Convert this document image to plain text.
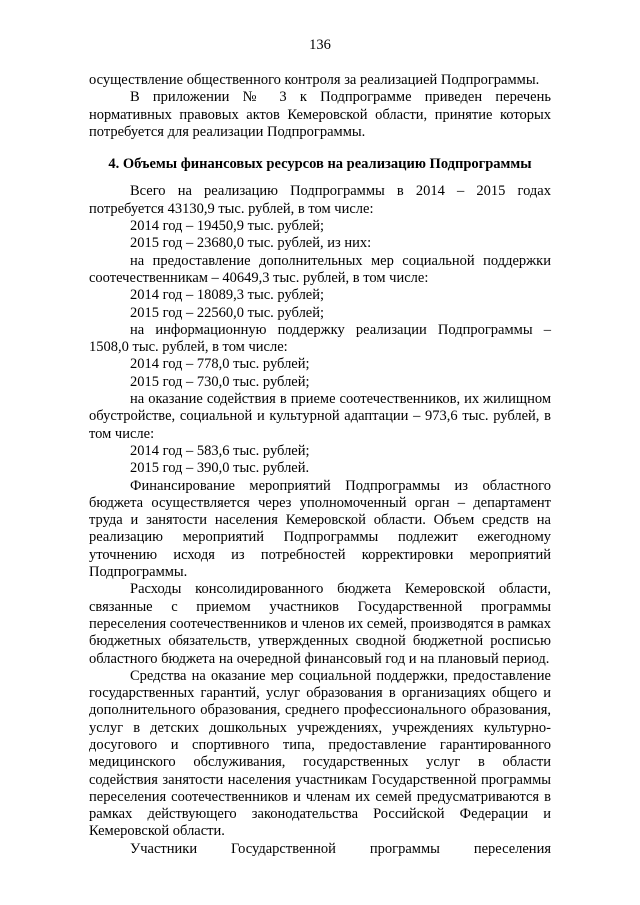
136

осуществление общественного контроля за реализацией Подпрограммы.

В приложении № 3 к Подпрограмме приведен перечень нормативных правовых актов Кемеровской области, принятие которых потребуется для реализации Подпрограммы.

4. Объемы финансовых ресурсов на реализацию Подпрограммы

Всего на реализацию Подпрограммы в 2014 – 2015 годах потребуется 43130,9 тыс. рублей, в том числе:

2014 год – 19450,9 тыс. рублей;

2015 год – 23680,0 тыс. рублей, из них:

на предоставление дополнительных мер социальной поддержки соотечественникам – 40649,3 тыс. рублей, в том числе:

2014 год – 18089,3 тыс. рублей;

2015 год – 22560,0 тыс. рублей;

на информационную поддержку реализации Подпрограммы – 1508,0 тыс. рублей, в том числе:

2014 год – 778,0 тыс. рублей;

2015 год – 730,0 тыс. рублей;

на оказание содействия в приеме соотечественников, их жилищном обустройстве, социальной и культурной адаптации – 973,6 тыс. рублей, в том числе:

2014 год – 583,6 тыс. рублей;

2015 год – 390,0 тыс. рублей.

Финансирование мероприятий Подпрограммы из областного бюджета осуществляется через уполномоченный орган – департамент труда и занятости населения Кемеровской области. Объем средств на реализацию мероприятий Подпрограммы подлежит ежегодному уточнению исходя из потребностей корректировки мероприятий Подпрограммы.

Расходы консолидированного бюджета Кемеровской области, связанные с приемом участников Государственной программы переселения соотечественников и членов их семей, производятся в рамках бюджетных обязательств, утвержденных сводной бюджетной росписью областного бюджета на очередной финансовый год и на плановый период.

Средства на оказание мер социальной поддержки, предоставление государственных гарантий, услуг образования в организациях общего и дополнительного образования, среднего профессионального образования, услуг в детских дошкольных учреждениях, учреждениях культурно-досугового и спортивного типа, предоставление гарантированного медицинского обслуживания, государственных услуг в области содействия занятости населения участникам Государственной программы переселения соотечественников и членам их семей предусматриваются в рамках действующего законодательства Российской Федерации и Кемеровской области.

Участники Государственной программы переселения
